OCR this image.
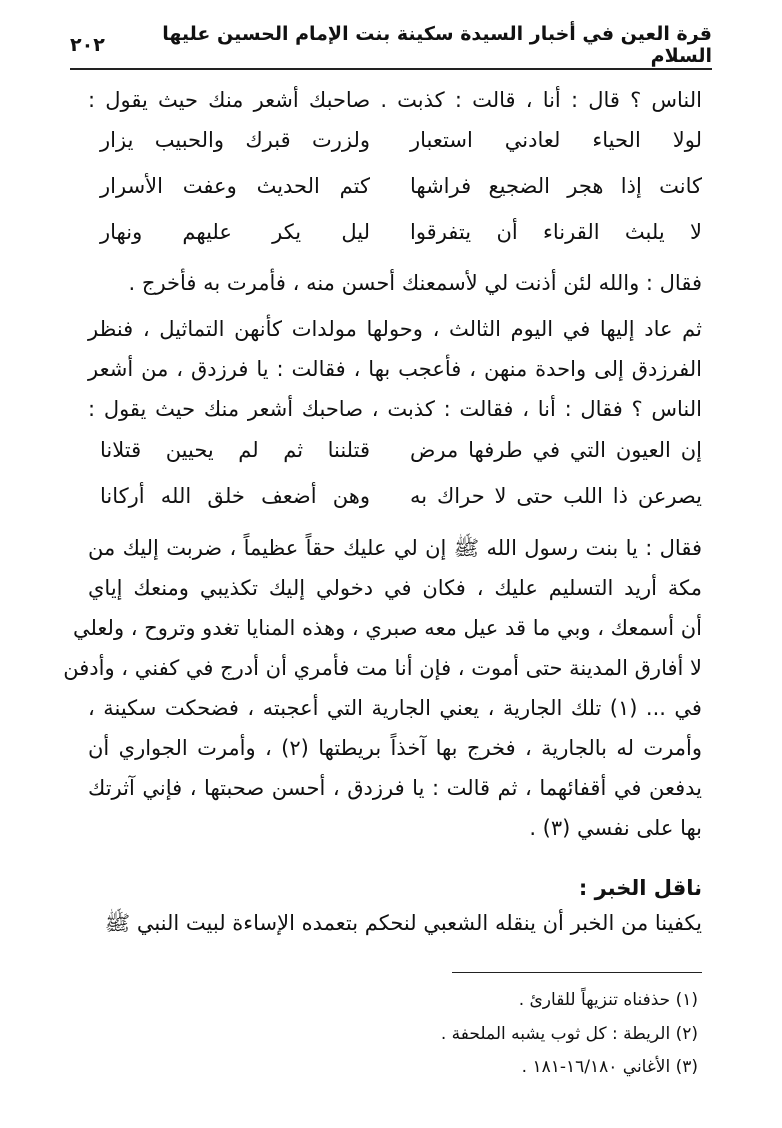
قرة العين في أخبار السيدة سكينة بنت الإمام الحسين عليها السلام
٢٠٢
الناس ؟ قال : أنا ، قالت : كذبت . صاحبك أشعر منك حيث يقول :
لولا الحياء لعادني استعبار
ولزرت قبرك والحبيب يزار
كانت إذا هجر الضجيع فراشها
كتم الحديث وعفت الأسرار
لا يلبث القرناء أن يتفرقوا
ليل يكر عليهم ونهار
فقال : والله لئن أذنت لي لأسمعنك أحسن منه ، فأمرت به فأخرج .
ثم عاد إليها في اليوم الثالث ، وحولها مولدات كأنهن التماثيل ، فنظر
الفرزدق إلى واحدة منهن ، فأعجب بها ، فقالت : يا فرزدق ، من أشعر
الناس ؟ فقال : أنا ، فقالت : كذبت ، صاحبك أشعر منك حيث يقول :
إن العيون التي في طرفها مرض
قتلننا ثم لم يحيين قتلانا
يصرعن ذا اللب حتى لا حراك به
وهن أضعف خلق الله أركانا
فقال : يا بنت رسول الله ﷺ إن لي عليك حقاً عظيماً ، ضربت إليك من
مكة أريد التسليم عليك ، فكان في دخولي إليك تكذيبي ومنعك إياي
أن أسمعك ، وبي ما قد عيل معه صبري ، وهذه المنايا تغدو وتروح ، ولعلي
لا أفارق المدينة حتى أموت ، فإن أنا مت فأمري أن أدرج في كفني ، وأدفن
في ... (١) تلك الجارية ، يعني الجارية التي أعجبته ، فضحكت سكينة ،
وأمرت له بالجارية ، فخرج بها آخذاً بريطتها (٢) ، وأمرت الجواري أن
يدفعن في أقفائهما ، ثم قالت : يا فرزدق ، أحسن صحبتها ، فإني آثرتك
بها على نفسي (٣) .
ناقل الخبر :
يكفينا من الخبر أن ينقله الشعبي لنحكم بتعمده الإساءة لبيت النبي ﷺ
(١) حذفناه تنزيهاً للقارئ .
(٢) الريطة : كل ثوب يشبه الملحفة .
(٣) الأغاني ١٦/١٨٠-١٨١ .
